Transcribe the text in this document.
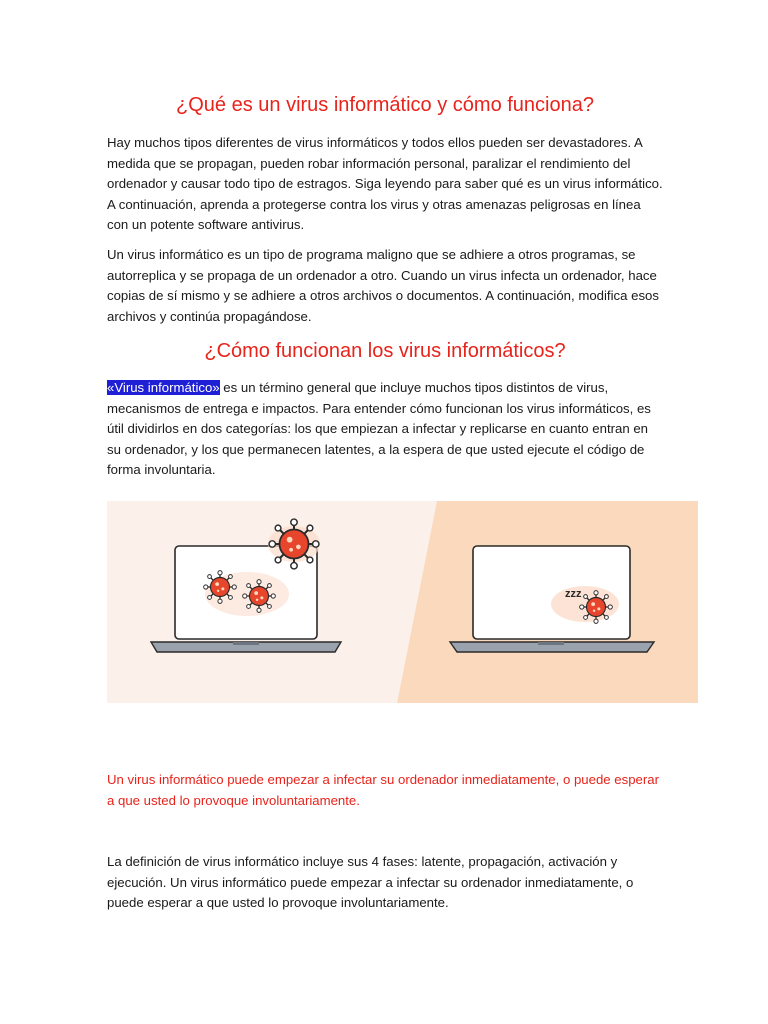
¿Qué es un virus informático y cómo funciona?

Hay muchos tipos diferentes de virus informáticos y todos ellos pueden ser devastadores. A medida que se propagan, pueden robar información personal, paralizar el rendimiento del ordenador y causar todo tipo de estragos. Siga leyendo para saber qué es un virus informático. A continuación, aprenda a protegerse contra los virus y otras amenazas peligrosas en línea con un potente software antivirus.

Un virus informático es un tipo de programa maligno que se adhiere a otros programas, se autorreplica y se propaga de un ordenador a otro. Cuando un virus infecta un ordenador, hace copias de sí mismo y se adhiere a otros archivos o documentos. A continuación, modifica esos archivos y continúa propagándose.

¿Cómo funcionan los virus informáticos?

«Virus informático» es un término general que incluye muchos tipos distintos de virus, mecanismos de entrega e impactos. Para entender cómo funcionan los virus informáticos, es útil dividirlos en dos categorías: los que empiezan a infectar y replicarse en cuanto entran en su ordenador, y los que permanecen latentes, a la espera de que usted ejecute el código de forma involuntaria.

zzz

Un virus informático puede empezar a infectar su ordenador inmediatamente, o puede esperar a que usted lo provoque involuntariamente.

La definición de virus informático incluye sus 4 fases: latente, propagación, activación y ejecución. Un virus informático puede empezar a infectar su ordenador inmediatamente, o puede esperar a que usted lo provoque involuntariamente.
